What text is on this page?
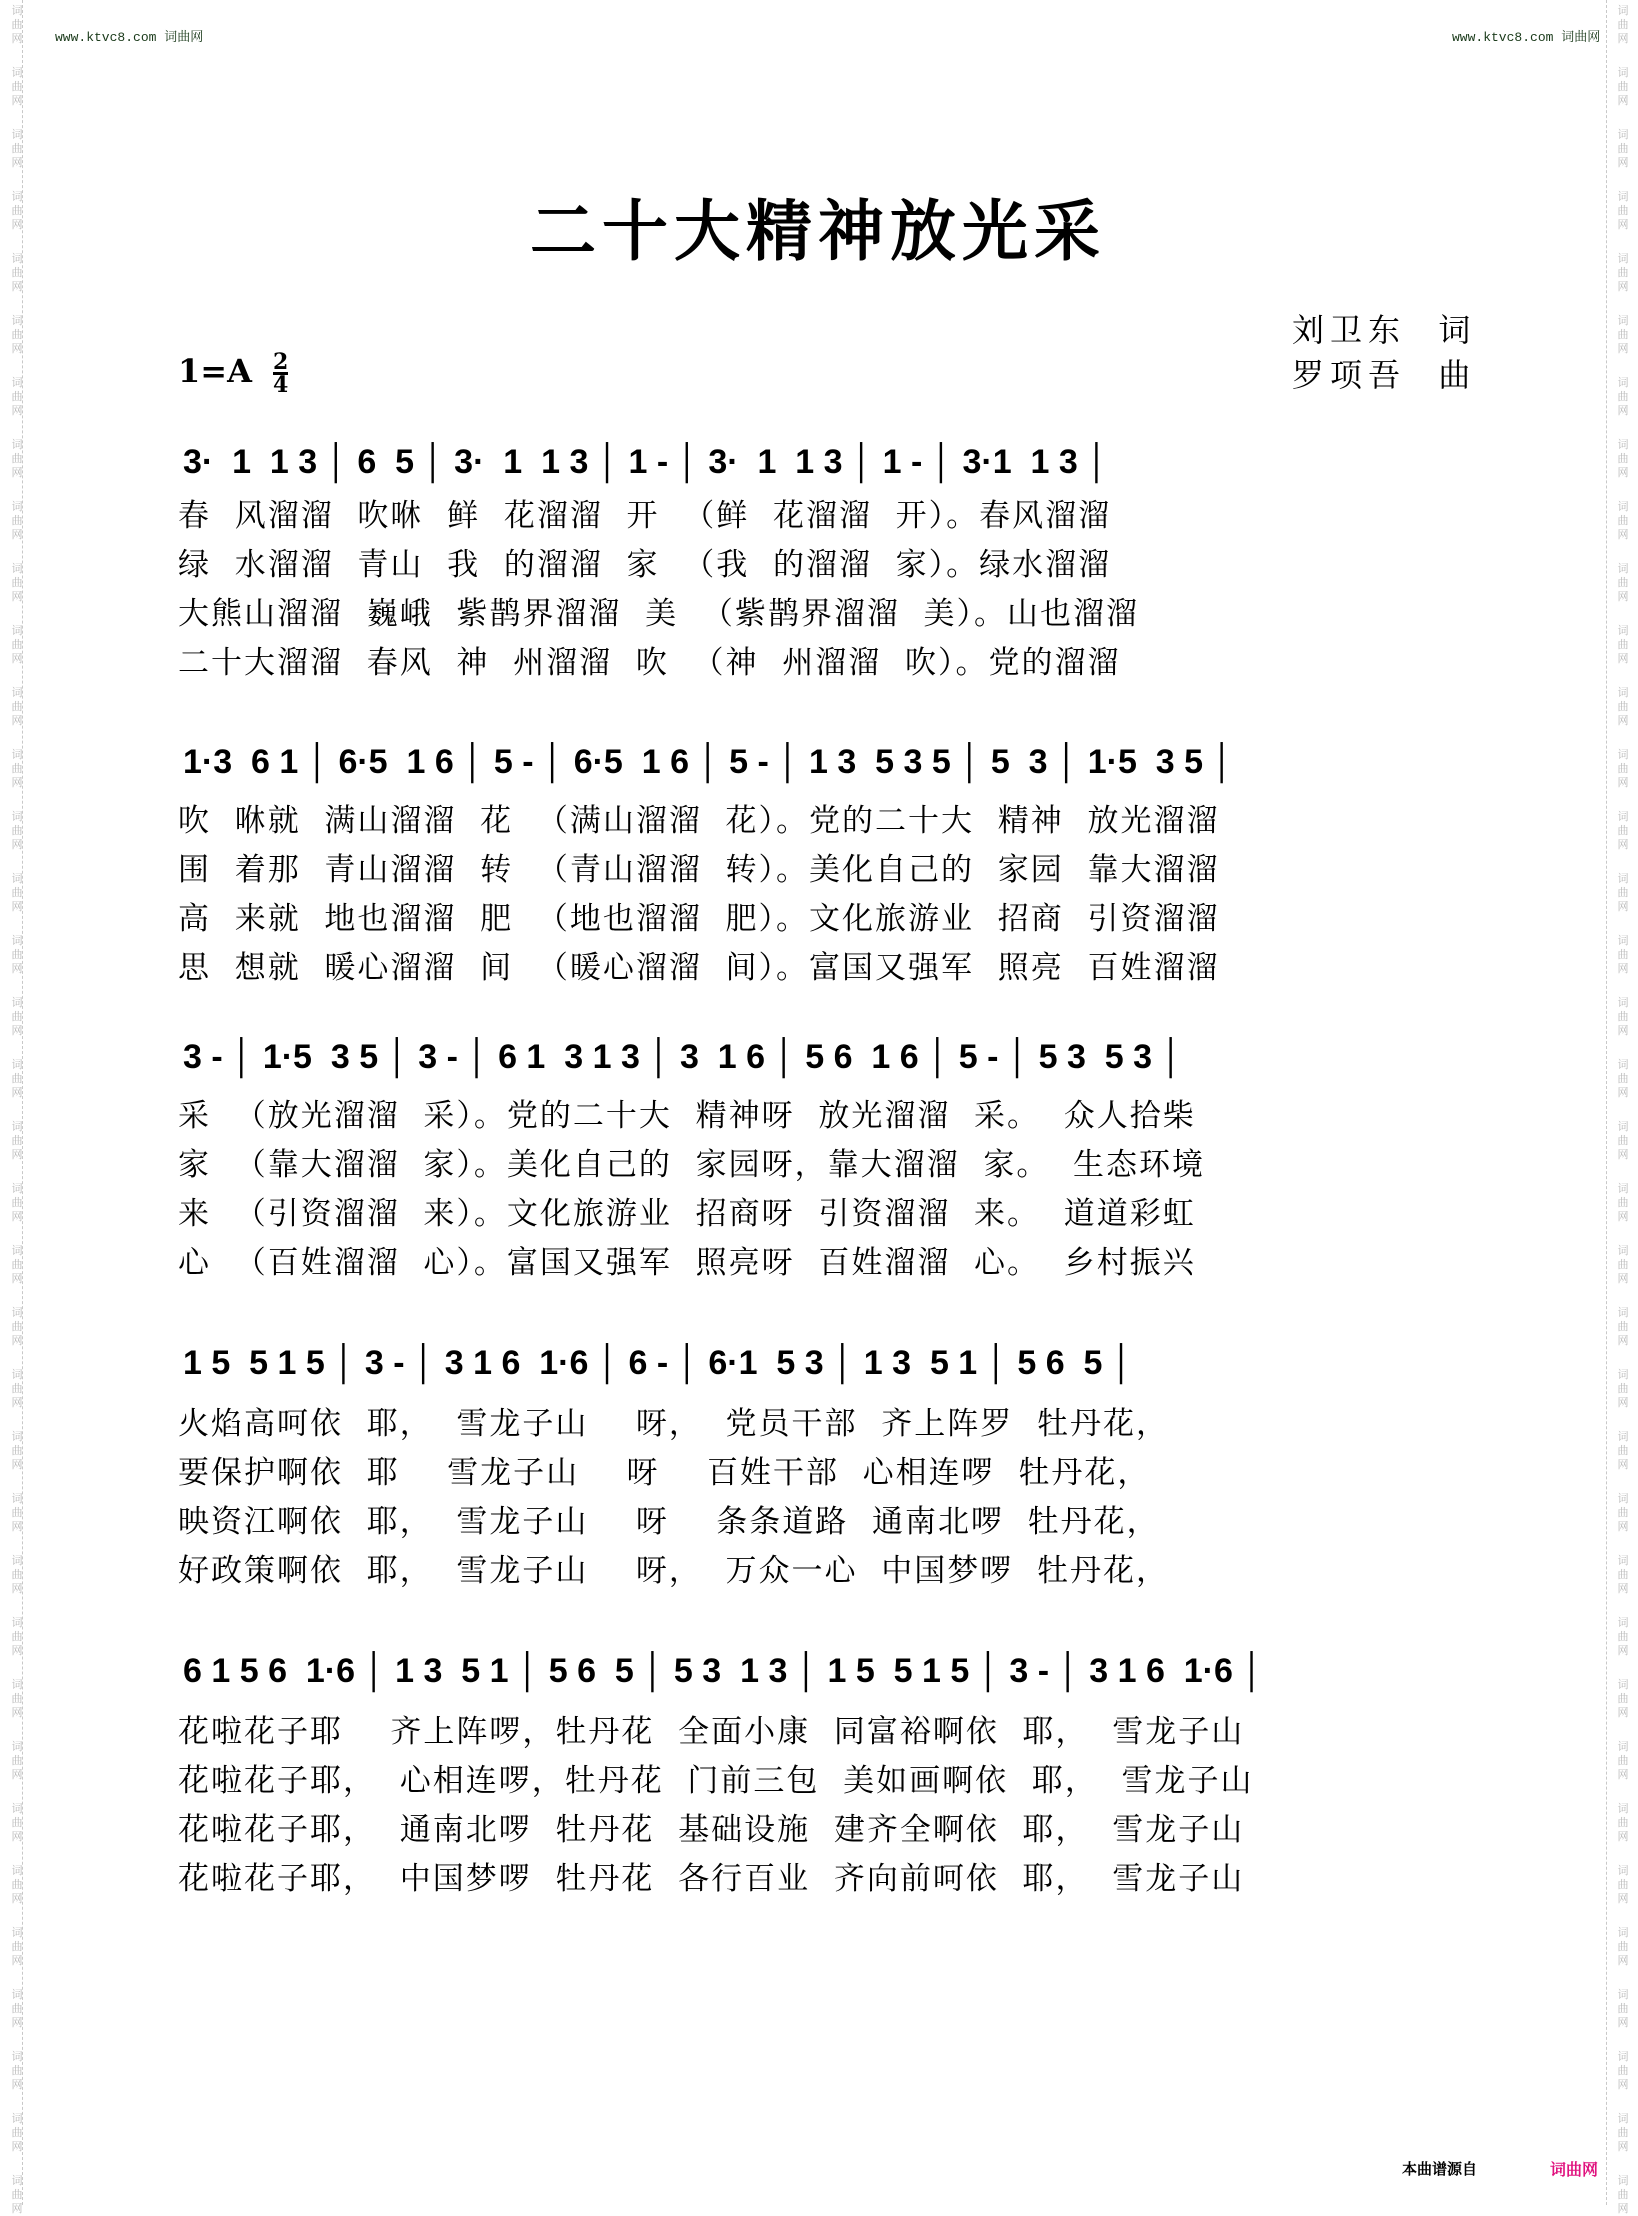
词
曲
网
词
曲
网
词
曲
网
词
曲
网
词
曲
网
词
曲
网
词
曲
网
词
曲
网
词
曲
网
词
曲
网
词
曲
网
词
曲
网
词
曲
网
词
曲
网
词
曲
网
词
曲
网
词
曲
网
词
曲
网
词
曲
网
词
曲
网
词
曲
网
词
曲
网
词
曲
网
词
曲
网
词
曲
网
词
曲
网
词
曲
网
词
曲
网
词
曲
网
词
曲
网
词
曲
网
词
曲
网
词
曲
网
词
曲
网
词
曲
网
词
曲
网
词
曲
网
词
曲
网
词
曲
网
词
曲
网
词
曲
网
词
曲
网
词
曲
网
词
曲
网
词
曲
网
词
曲
网
词
曲
网
词
曲
网
词
曲
网
词
曲
网
词
曲
网
词
曲
网
词
曲
网
词
曲
网
词
曲
网
词
曲
网
词
曲
网
词
曲
网
词
曲
网
词
曲
网
词
曲
网
词
曲
网
词
曲
网
词
曲
网
词
曲
网
词
曲
网
词
曲
网
词
曲
网
词
曲
网
词
曲
网
词
曲
网
词
曲
网
www.ktvc8.com 词曲网	www.ktvc8.com 词曲网
二十大精神放光采
刘卫东  词
罗项吾  曲
$1=A \frac{2}{4}$
3·  1  1 3 │ 6  5 │ 3·  1  1 3 │ 1 - │ 3·  1  1 3 │ 1 - │ 3·1  1 3 │
春  风溜溜  吹咻  鲜  花溜溜  开  （鲜  花溜溜  开）。春风溜溜
绿  水溜溜  青山  我  的溜溜  家  （我  的溜溜  家）。绿水溜溜
大熊山溜溜  巍峨  紫鹊界溜溜  美  （紫鹊界溜溜  美）。山也溜溜
二十大溜溜  春风  神  州溜溜  吹  （神  州溜溜  吹）。党的溜溜
1·3  6 1 │ 6·5  1 6 │ 5 - │ 6·5  1 6 │ 5 - │ 1 3  5 3 5 │ 5  3 │ 1·5  3 5 │
吹  咻就  满山溜溜  花  （满山溜溜  花）。党的二十大  精神  放光溜溜
围  着那  青山溜溜  转  （青山溜溜  转）。美化自己的  家园  靠大溜溜
高  来就  地也溜溜  肥  （地也溜溜  肥）。文化旅游业  招商  引资溜溜
思  想就  暖心溜溜  间  （暖心溜溜  间）。富国又强军  照亮  百姓溜溜
3 - │ 1·5  3 5 │ 3 - │ 6 1  3 1 3 │ 3  1 6 │ 5 6  1 6 │ 5 - │ 5 3  5 3 │
采  （放光溜溜  采）。党的二十大  精神呀  放光溜溜  采。  众人拾柴
家  （靠大溜溜  家）。美化自己的  家园呀，靠大溜溜  家。  生态环境
来  （引资溜溜  来）。文化旅游业  招商呀  引资溜溜  来。  道道彩虹
心  （百姓溜溜  心）。富国又强军  照亮呀  百姓溜溜  心。  乡村振兴
1 5  5 1 5 │ 3 - │ 3 1 6  1·6 │ 6 - │ 6·1  5 3 │ 1 3  5 1 │ 5 6  5 │
火焰高呵依  耶，  雪龙子山    呀，  党员干部  齐上阵罗  牡丹花，
要保护啊依  耶    雪龙子山    呀    百姓干部  心相连啰  牡丹花，
映资江啊依  耶，  雪龙子山    呀    条条道路  通南北啰  牡丹花，
好政策啊依  耶，  雪龙子山    呀，  万众一心  中国梦啰  牡丹花，
6 1 5 6  1·6 │ 1 3  5 1 │ 5 6  5 │ 5 3  1 3 │ 1 5  5 1 5 │ 3 - │ 3 1 6  1·6 │
花啦花子耶    齐上阵啰，牡丹花  全面小康  同富裕啊依  耶，  雪龙子山
花啦花子耶，  心相连啰，牡丹花  门前三包  美如画啊依  耶，  雪龙子山
花啦花子耶，  通南北啰  牡丹花  基础设施  建齐全啊依  耶，  雪龙子山
花啦花子耶，  中国梦啰  牡丹花  各行百业  齐向前呵依  耶，  雪龙子山
本曲谱源自	词曲网
